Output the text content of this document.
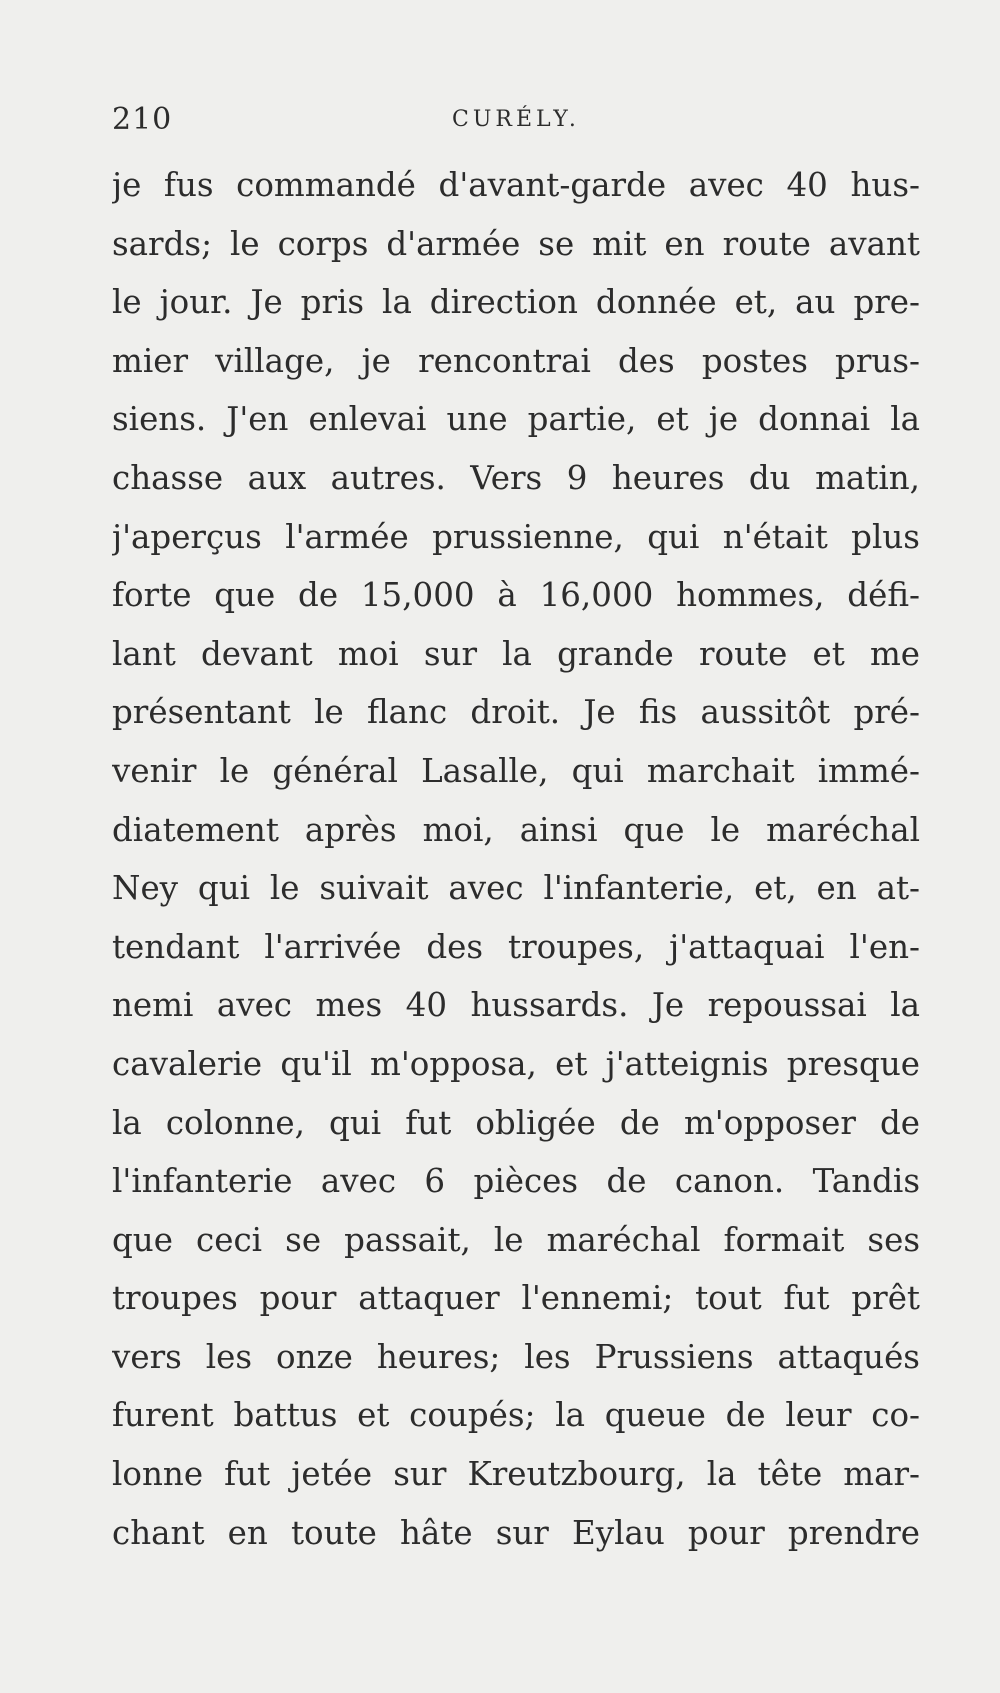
210	CURÉLY.
je fus commandé d'avant-garde avec 40 hus-
sards; le corps d'armée se mit en route avant
le jour. Je pris la direction donnée et, au pre-
mier village, je rencontrai des postes prus-
siens. J'en enlevai une partie, et je donnai la
chasse aux autres. Vers 9 heures du matin,
j'aperçus l'armée prussienne, qui n'était plus
forte que de 15,000 à 16,000 hommes, défi-
lant devant moi sur la grande route et me
présentant le flanc droit. Je fis aussitôt pré-
venir le général Lasalle, qui marchait immé-
diatement après moi, ainsi que le maréchal
Ney qui le suivait avec l'infanterie, et, en at-
tendant l'arrivée des troupes, j'attaquai l'en-
nemi avec mes 40 hussards. Je repoussai la
cavalerie qu'il m'opposa, et j'atteignis presque
la colonne, qui fut obligée de m'opposer de
l'infanterie avec 6 pièces de canon. Tandis
que ceci se passait, le maréchal formait ses
troupes pour attaquer l'ennemi; tout fut prêt
vers les onze heures; les Prussiens attaqués
furent battus et coupés; la queue de leur co-
lonne fut jetée sur Kreutzbourg, la tête mar-
chant en toute hâte sur Eylau pour prendre
